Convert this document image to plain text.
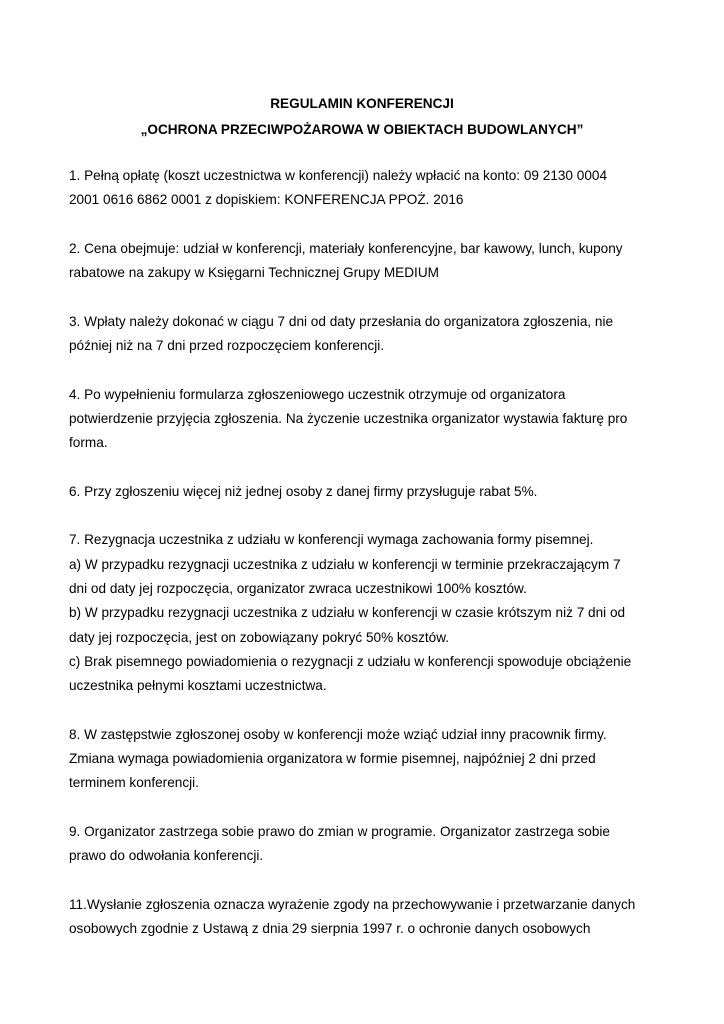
REGULAMIN KONFERENCJI
„OCHRONA PRZECIWPOŻAROWA W OBIEKTACH BUDOWLANYCH”

1. Pełną opłatę (koszt uczestnictwa w konferencji) należy wpłacić na konto: 09 2130 0004
2001 0616 6862 0001 z dopiskiem: KONFERENCJA PPOŻ. 2016

2. Cena obejmuje: udział w konferencji, materiały konferencyjne, bar kawowy, lunch, kupony
rabatowe na zakupy w Księgarni Technicznej Grupy MEDIUM

3. Wpłaty należy dokonać w ciągu 7 dni od daty przesłania do organizatora zgłoszenia, nie
później niż na 7 dni przed rozpoczęciem konferencji.

4. Po wypełnieniu formularza zgłoszeniowego uczestnik otrzymuje od organizatora
potwierdzenie przyjęcia zgłoszenia. Na życzenie uczestnika organizator wystawia fakturę pro
forma.

6. Przy zgłoszeniu więcej niż jednej osoby z danej firmy przysługuje rabat 5%.

7. Rezygnacja uczestnika z udziału w konferencji wymaga zachowania formy pisemnej.
a) W przypadku rezygnacji uczestnika z udziału w konferencji w terminie przekraczającym 7
dni od daty jej rozpoczęcia, organizator zwraca uczestnikowi 100% kosztów.
b) W przypadku rezygnacji uczestnika z udziału w konferencji w czasie krótszym niż 7 dni od
daty jej rozpoczęcia, jest on zobowiązany pokryć 50% kosztów.
c) Brak pisemnego powiadomienia o rezygnacji z udziału w konferencji spowoduje obciążenie
uczestnika pełnymi kosztami uczestnictwa.

8. W zastępstwie zgłoszonej osoby w konferencji może wziąć udział inny pracownik firmy.
Zmiana wymaga powiadomienia organizatora w formie pisemnej, najpóźniej 2 dni przed
terminem konferencji.

9. Organizator zastrzega sobie prawo do zmian w programie. Organizator zastrzega sobie
prawo do odwołania konferencji.

11.Wysłanie zgłoszenia oznacza wyrażenie zgody na przechowywanie i przetwarzanie danych
osobowych zgodnie z Ustawą z dnia 29 sierpnia 1997 r. o ochronie danych osobowych
